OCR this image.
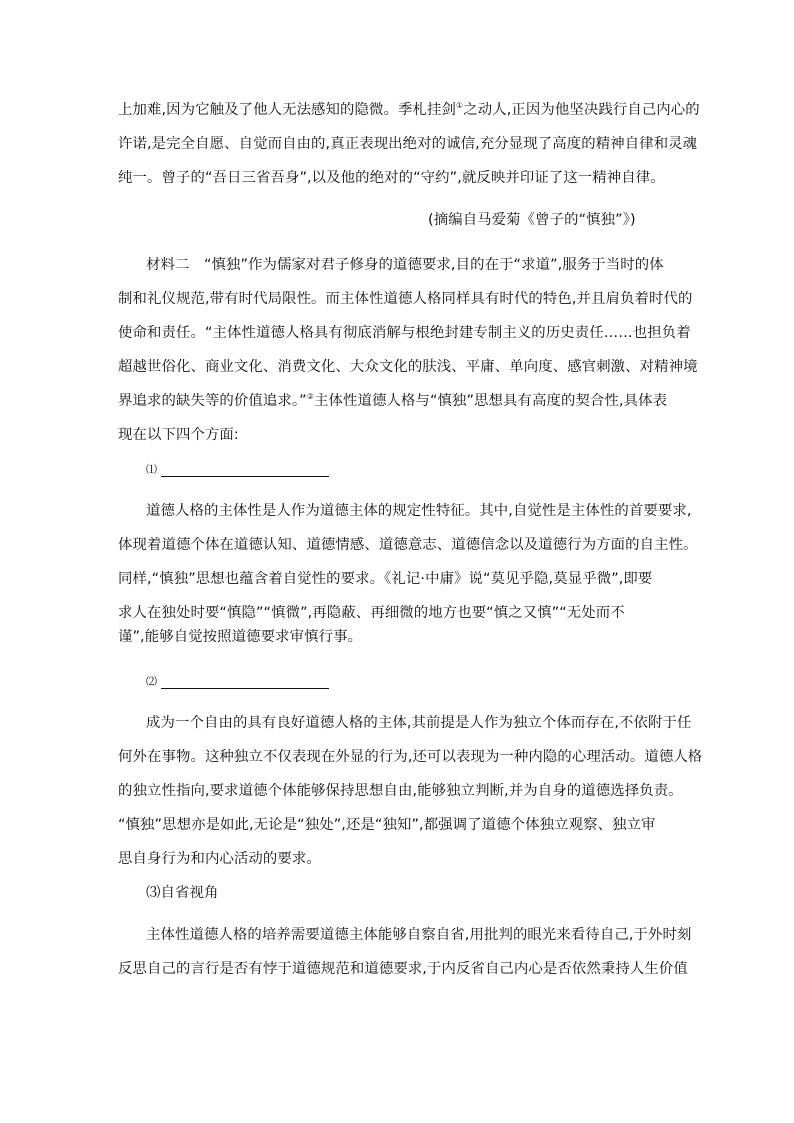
上加难,因为它触及了他人无法感知的隐微。季札挂剑①之动人,正因为他坚决践行自己内心的
许诺,是完全自愿、自觉而自由的,真正表现出绝对的诚信,充分显现了高度的精神自律和灵魂
纯一。曾子的“吾日三省吾身”,以及他的绝对的“守约”,就反映并印证了这一精神自律。
(摘编自马爱菊《曾子的“慎独”》)
材料二　“慎独”作为儒家对君子修身的道德要求,目的在于“求道”,服务于当时的体
制和礼仪规范,带有时代局限性。而主体性道德人格同样具有时代的特色,并且肩负着时代的
使命和责任。“主体性道德人格具有彻底消解与根绝封建专制主义的历史责任……也担负着
超越世俗化、商业文化、消费文化、大众文化的肤浅、平庸、单向度、感官刺激、对精神境
界追求的缺失等的价值追求。”②主体性道德人格与“慎独”思想具有高度的契合性,具体表
现在以下四个方面:
⑴
道德人格的主体性是人作为道德主体的规定性特征。其中,自觉性是主体性的首要要求,
体现着道德个体在道德认知、道德情感、道德意志、道德信念以及道德行为方面的自主性。
同样,“慎独”思想也蕴含着自觉性的要求。《礼记·中庸》说“莫见乎隐,莫显乎微”,即要
求人在独处时要“慎隐”“慎微”,再隐蔽、再细微的地方也要“慎之又慎”“无处而不
谨”,能够自觉按照道德要求审慎行事。
⑵
成为一个自由的具有良好道德人格的主体,其前提是人作为独立个体而存在,不依附于任
何外在事物。这种独立不仅表现在外显的行为,还可以表现为一种内隐的心理活动。道德人格
的独立性指向,要求道德个体能够保持思想自由,能够独立判断,并为自身的道德选择负责。
“慎独”思想亦是如此,无论是“独处”,还是“独知”,都强调了道德个体独立观察、独立审
思自身行为和内心活动的要求。
⑶自省视角
主体性道德人格的培养需要道德主体能够自察自省,用批判的眼光来看待自己,于外时刻
反思自己的言行是否有悖于道德规范和道德要求,于内反省自己内心是否依然秉持人生价值
